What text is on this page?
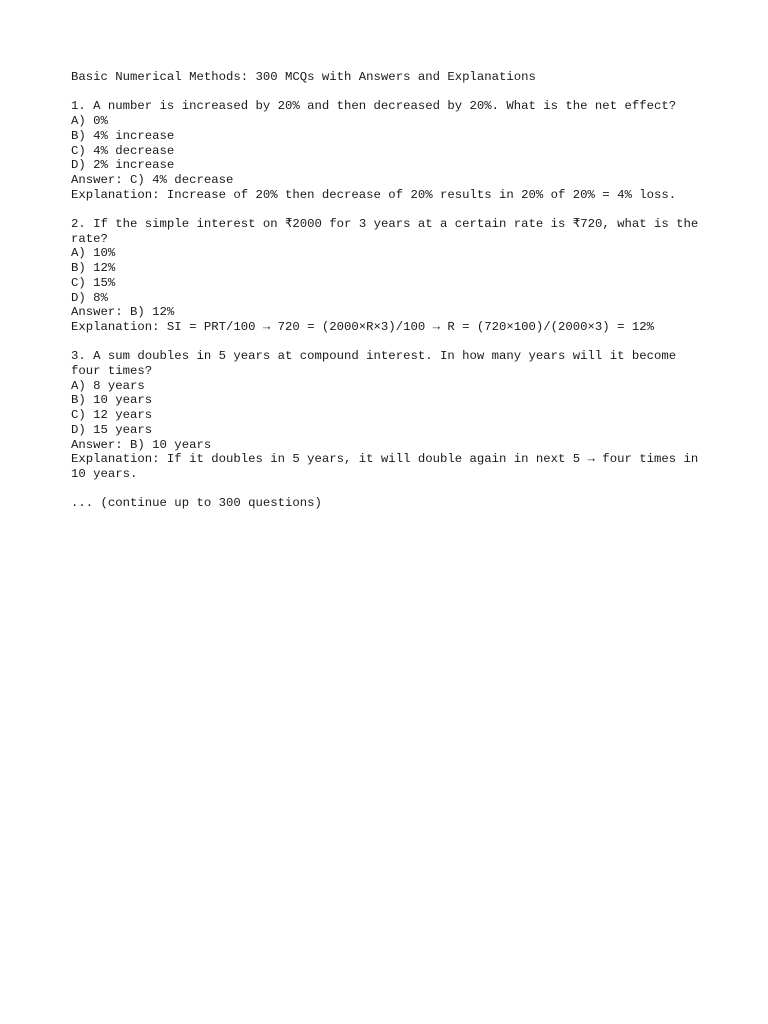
Basic Numerical Methods: 300 MCQs with Answers and Explanations
1. A number is increased by 20% and then decreased by 20%. What is the net effect?
A) 0%
B) 4% increase
C) 4% decrease
D) 2% increase
Answer: C) 4% decrease
Explanation: Increase of 20% then decrease of 20% results in 20% of 20% = 4% loss.
2. If the simple interest on ₹2000 for 3 years at a certain rate is ₹720, what is the rate?
A) 10%
B) 12%
C) 15%
D) 8%
Answer: B) 12%
Explanation: SI = PRT/100 → 720 = (2000×R×3)/100 → R = (720×100)/(2000×3) = 12%
3. A sum doubles in 5 years at compound interest. In how many years will it become four times?
A) 8 years
B) 10 years
C) 12 years
D) 15 years
Answer: B) 10 years
Explanation: If it doubles in 5 years, it will double again in next 5 → four times in 10 years.
... (continue up to 300 questions)
